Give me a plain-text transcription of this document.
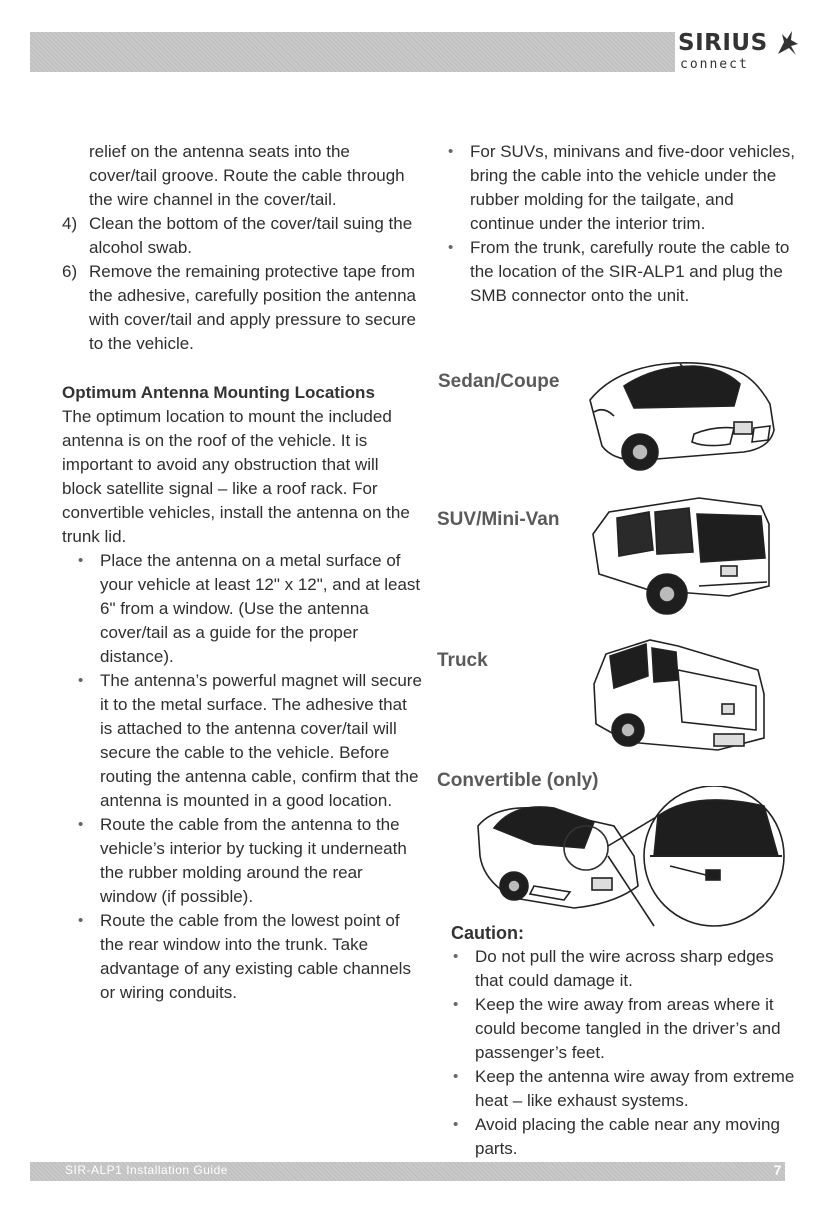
SIRIUS
connect
relief on the antenna seats into the cover/tail groove. Route the cable through the wire channel in the cover/tail.
4) Clean the bottom of the cover/tail suing the alcohol swab.
6) Remove the remaining protective tape from the adhesive, carefully position the antenna with cover/tail and apply pressure to secure to the vehicle.
Optimum Antenna Mounting Locations
The optimum location to mount the included antenna is on the roof of the vehicle. It is important to avoid any obstruction that will block satellite signal – like a roof rack. For convertible vehicles, install the antenna on the trunk lid.
• Place the antenna on a metal surface of your vehicle at least 12" x 12", and at least 6" from a window. (Use the antenna cover/tail as a guide for the proper distance).
• The antenna’s powerful magnet will secure it to the metal surface. The adhesive that is attached to the antenna cover/tail will secure the cable to the vehicle. Before routing the antenna cable, confirm that the antenna is mounted in a good location.
• Route the cable from the antenna to the vehicle’s interior by tucking it underneath the rubber molding around the rear window (if possible).
• Route the cable from the lowest point of the rear window into the trunk. Take advantage of any existing cable channels or wiring conduits.
• For SUVs, minivans and five-door vehicles, bring the cable into the vehicle under the rubber molding for the tailgate, and continue under the interior trim.
• From the trunk, carefully route the cable to the location of the SIR-ALP1 and plug the SMB connector onto the unit.
Sedan/Coupe
SUV/Mini-Van
Truck
Convertible (only)
Caution:
• Do not pull the wire across sharp edges that could damage it.
• Keep the wire away from areas where it could become tangled in the driver’s and passenger’s feet.
• Keep the antenna wire away from extreme heat – like exhaust systems.
• Avoid placing the cable near any moving parts.
SIR-ALP1 Installation Guide	7
